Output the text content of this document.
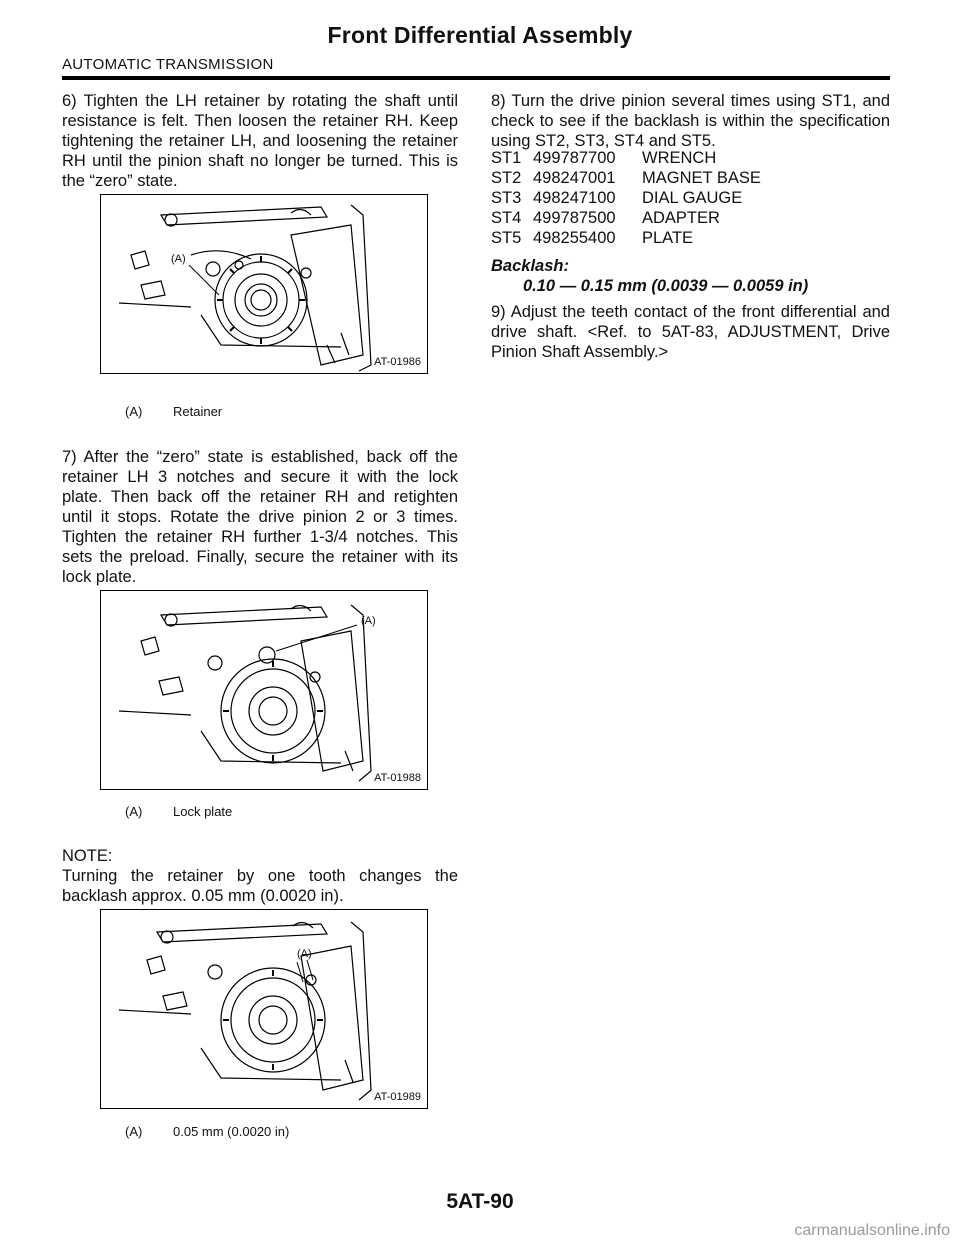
Front Differential Assembly
AUTOMATIC TRANSMISSION

6) Tighten the LH retainer by rotating the shaft until resistance is felt. Then loosen the retainer RH. Keep tightening the retainer LH, and loosening the retainer RH until the pinion shaft no longer be turned. This is the “zero” state.

(A)
AT-01986
(A) Retainer

7) After the “zero” state is established, back off the retainer LH 3 notches and secure it with the lock plate. Then back off the retainer RH and retighten until it stops. Rotate the drive pinion 2 or 3 times. Tighten the retainer RH further 1-3/4 notches. This sets the preload. Finally, secure the retainer with its lock plate.

(A)
AT-01988
(A) Lock plate
NOTE:

Turning the retainer by one tooth changes the backlash approx. 0.05 mm (0.0020 in).

(A)
AT-01989
(A) 0.05 mm (0.0020 in)

8) Turn the drive pinion several times using ST1, and check to see if the backlash is within the specification using ST2, ST3, ST4 and ST5.

ST1 499787700	WRENCH
ST2 498247001	MAGNET BASE
ST3 498247100	DIAL GAUGE
ST4 499787500	ADAPTER
ST5 498255400	PLATE
Backlash:
0.10 — 0.15 mm (0.0039 — 0.0059 in)

9) Adjust the teeth contact of the front differential and drive shaft. <Ref. to 5AT-83, ADJUSTMENT, Drive Pinion Shaft Assembly.>

5AT-90
carmanualsonline.info
